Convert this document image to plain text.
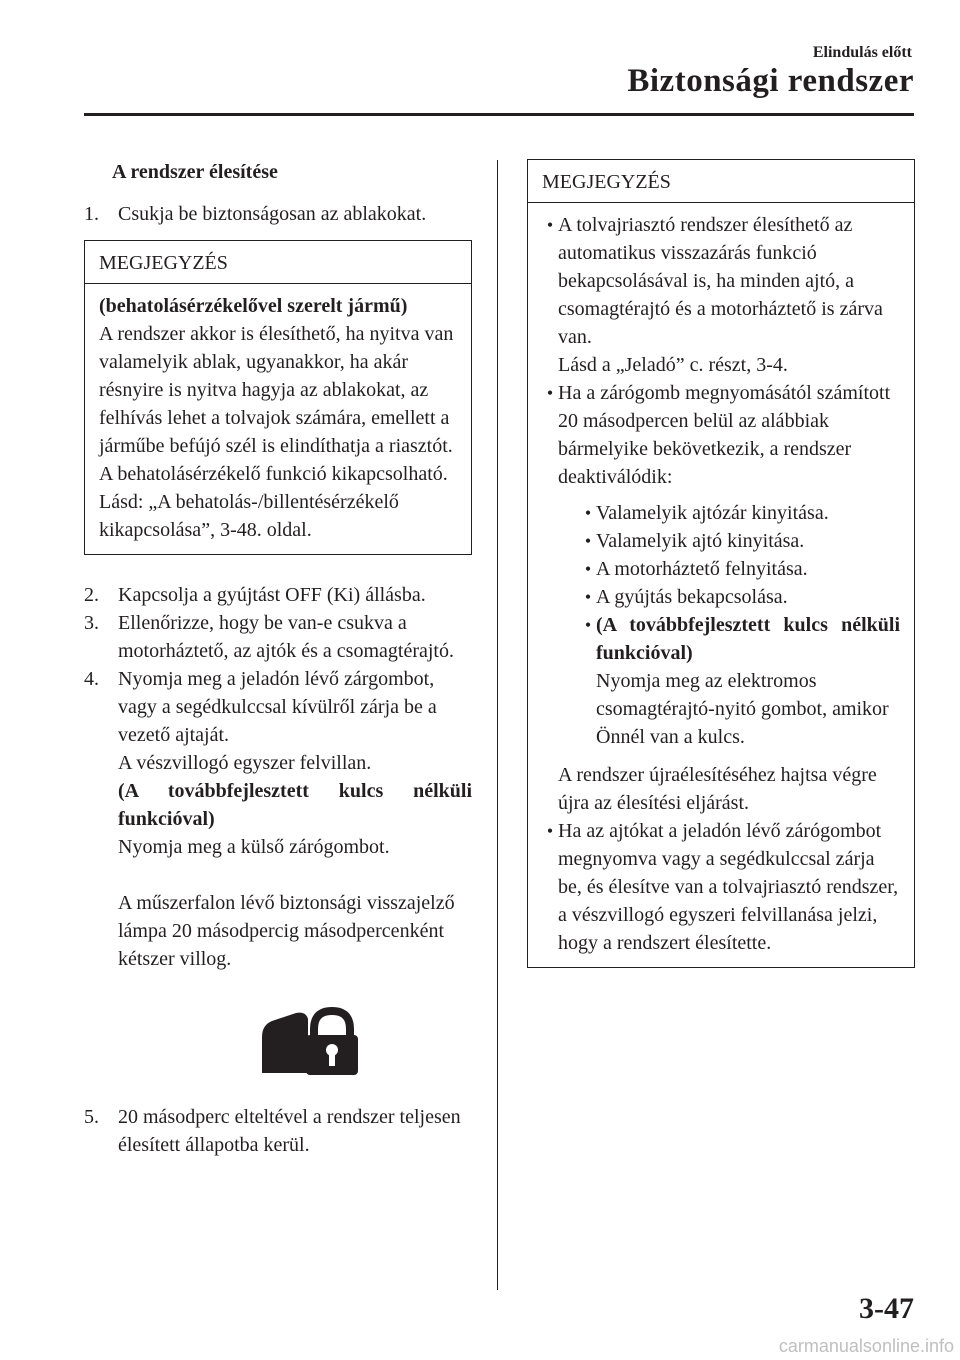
Elindulás előtt
Biztonsági rendszer
A rendszer élesítése
1. Csukja be biztonságosan az ablakokat.
MEGJEGYZÉS

(behatolásérzékelővel szerelt jármű)

A rendszer akkor is élesíthető, ha nyitva van valamelyik ablak, ugyanakkor, ha akár résnyire is nyitva hagyja az ablakokat, az felhívás lehet a tolvajok számára, emellett a járműbe befújó szél is elindíthatja a riasztót.

A behatolásérzékelő funkció kikapcsolható.

Lásd: „A behatolás-/billentésérzékelő kikapcsolása”, 3-48. oldal.

2. Kapcsolja a gyújtást OFF (Ki) állásba.
3. Ellenőrizze, hogy be van-e csukva a motorháztető, az ajtók és a csomagtérajtó.
4. Nyomja meg a jeladón lévő zárgombot, vagy a segédkulccsal kívülről zárja be a vezető ajtaját.

A vészvillogó egyszer felvillan.

(A továbbfejlesztett kulcs nélküli funkcióval)

Nyomja meg a külső zárógombot.

A műszerfalon lévő biztonsági visszajelző lámpa 20 másodpercig másodpercenként kétszer villog.

5. 20 másodperc elteltével a rendszer teljesen élesített állapotba kerül.
MEGJEGYZÉS
• A tolvajriasztó rendszer élesíthető az automatikus visszazárás funkció bekapcsolásával is, ha minden ajtó, a csomagtérajtó és a motorháztető is zárva van.

Lásd a „Jeladó” c. részt, 3-4.

• Ha a zárógomb megnyomásától számított 20 másodpercen belül az alábbiak bármelyike bekövetkezik, a rendszer deaktiválódik:

• Valamelyik ajtózár kinyitása.
• Valamelyik ajtó kinyitása.
• A motorháztető felnyitása.
• A gyújtás bekapcsolása.
• (A továbbfejlesztett kulcs nélküli funkcióval)

Nyomja meg az elektromos csomagtérajtó-nyitó gombot, amikor Önnél van a kulcs.

A rendszer újraélesítéséhez hajtsa végre újra az élesítési eljárást.

• Ha az ajtókat a jeladón lévő zárógombot megnyomva vagy a segédkulccsal zárja be, és élesítve van a tolvajriasztó rendszer, a vészvillogó egyszeri felvillanása jelzi, hogy a rendszert élesítette.

3-47
carmanualsonline.info
